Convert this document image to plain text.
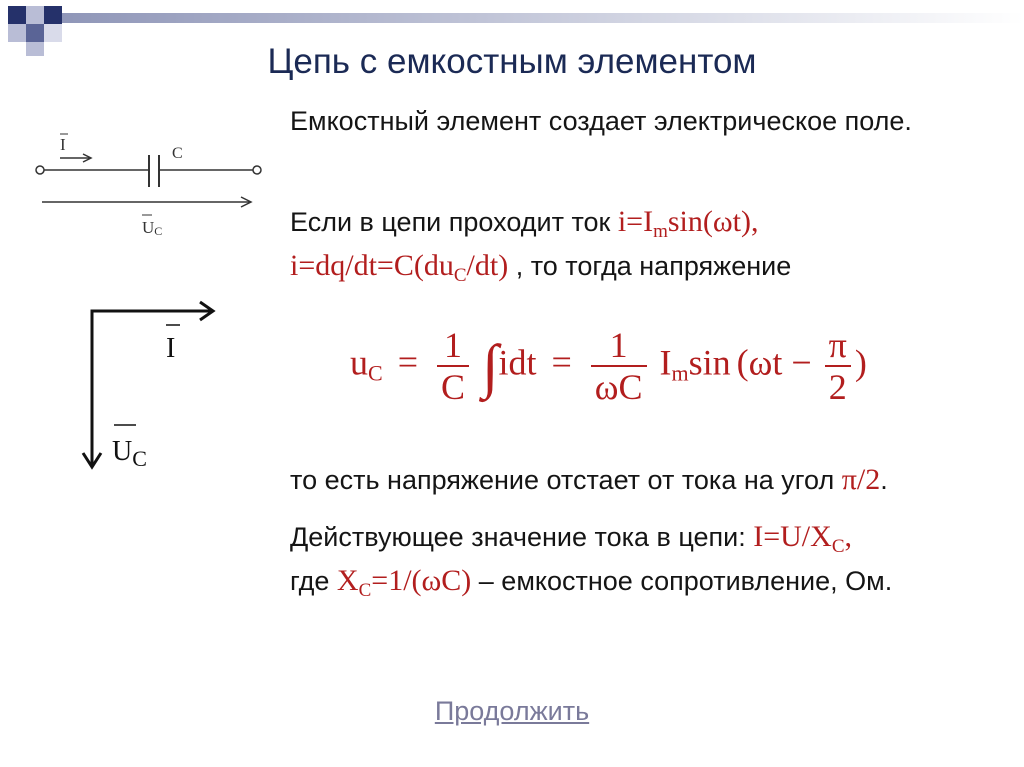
Цепь с емкостным элементом
I	C
UC
I
$U_C$
Емкостный элемент создает электрическое поле.
Если в цепи проходит ток $i=I_m\sin(\omega t)$,
$i=dq/dt=C(du_C/dt)$ , то тогда напряжение
$u_C = \frac{1}{C} \int idt = \frac{1}{\omega C} I_m\sin$ ($\omega t - \frac{\pi}{2}$ )
то есть напряжение отстает от тока на угол π/2.
Действующее значение тока в цепи: $I=U/X_C$,
где $X_C=1/(\omega C)$ – емкостное сопротивление, Ом.
Продолжить
